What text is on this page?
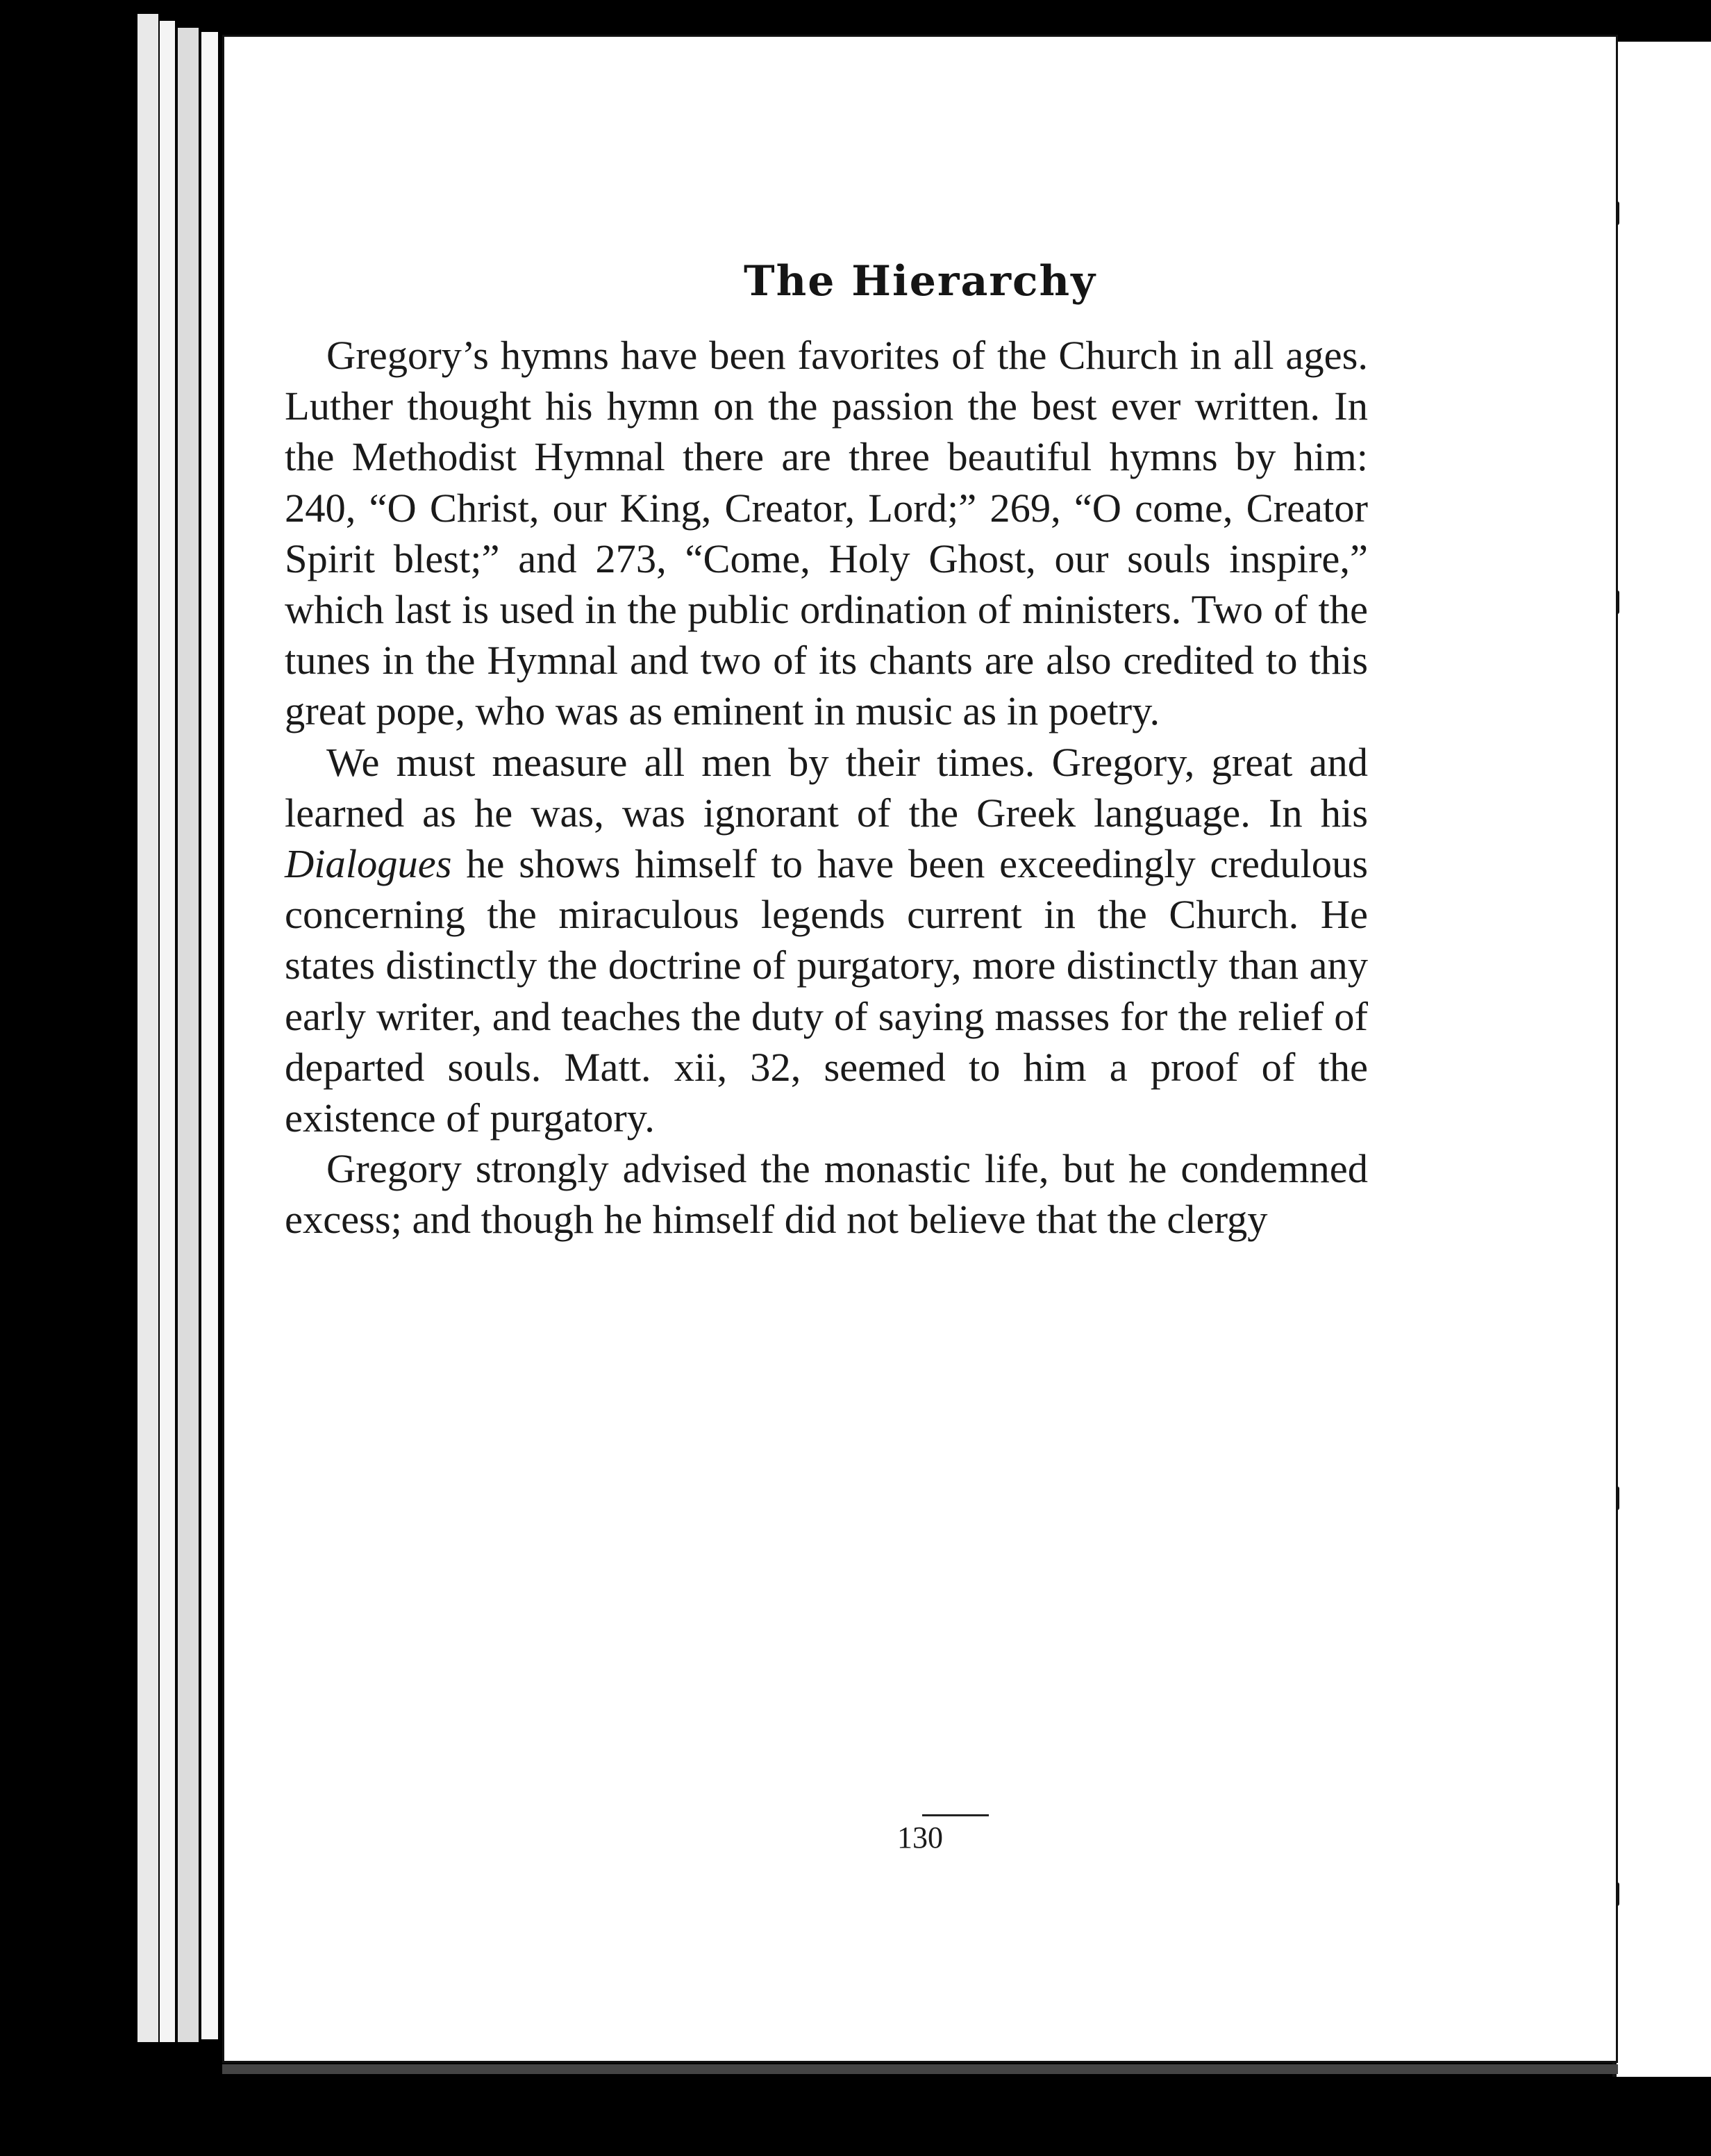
The Hierarchy
130

Gregory’s hymns have been favorites of the Church in all ages. Luther thought his hymn on the passion the best ever written. In the Methodist Hymnal there are three beautiful hymns by him: 240, “O Christ, our King, Creator, Lord;” 269, “O come, Creator Spirit blest;” and 273, “Come, Holy Ghost, our souls inspire,” which last is used in the public ordination of ministers. Two of the tunes in the Hymnal and two of its chants are also credited to this great pope, who was as eminent in music as in poetry.

We must measure all men by their times. Gregory, great and learned as he was, was ignorant of the Greek language. In his Dialogues he shows himself to have been exceedingly credulous concerning the miraculous legends current in the Church. He states distinctly the doctrine of purgatory, more distinctly than any early writer, and teaches the duty of saying masses for the relief of departed souls. Matt. xii, 32, seemed to him a proof of the existence of purgatory.

Gregory strongly advised the monastic life, but he condemned excess; and though he himself did not believe that the clergy
